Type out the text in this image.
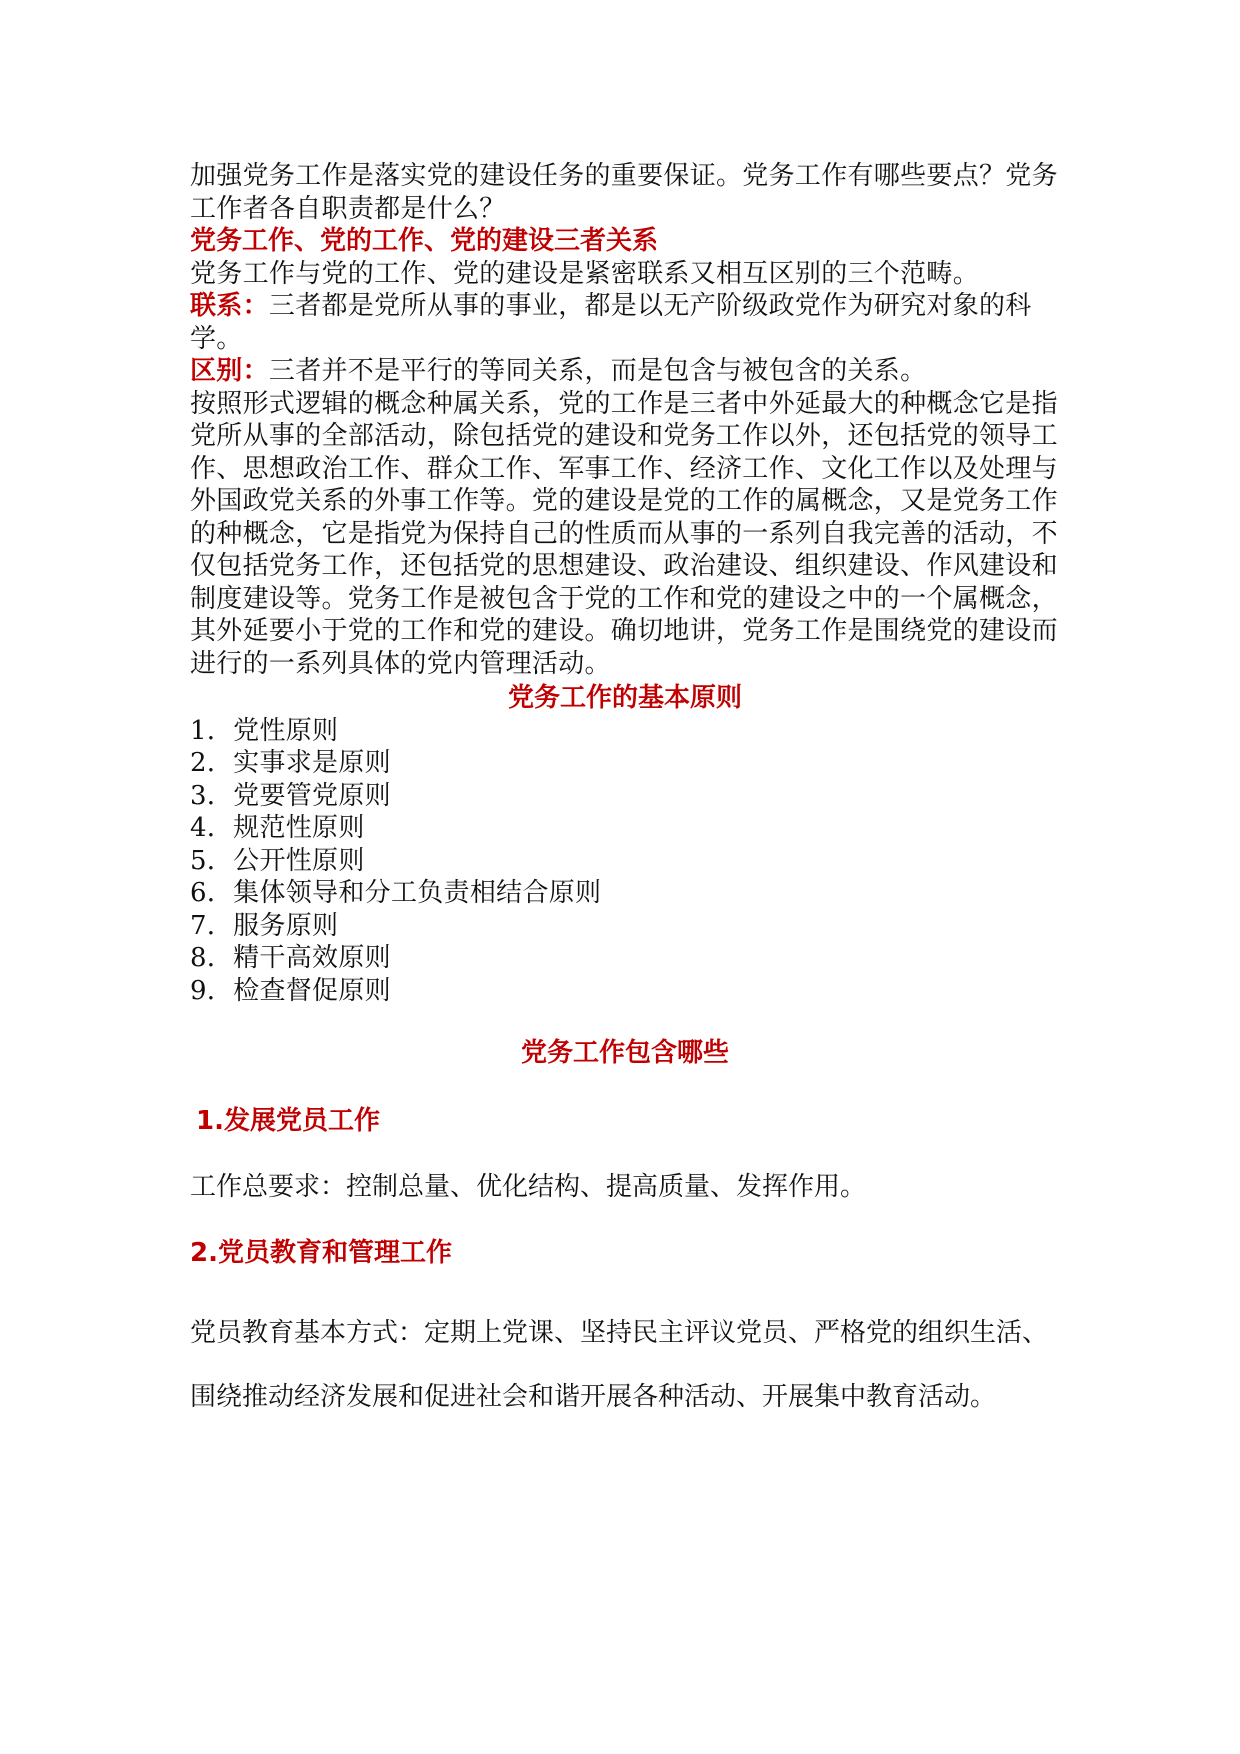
加强党务工作是落实党的建设任务的重要保证。党务工作有哪些要点？党务工作者各自职责都是什么？

党务工作、党的工作、党的建设三者关系

党务工作与党的工作、党的建设是紧密联系又相互区别的三个范畴。

联系：三者都是党所从事的事业，都是以无产阶级政党作为研究对象的科学。

区别：三者并不是平行的等同关系，而是包含与被包含的关系。

按照形式逻辑的概念种属关系，党的工作是三者中外延最大的种概念它是指党所从事的全部活动，除包括党的建设和党务工作以外，还包括党的领导工作、思想政治工作、群众工作、军事工作、经济工作、文化工作以及处理与外国政党关系的外事工作等。党的建设是党的工作的属概念，又是党务工作的种概念，它是指党为保持自己的性质而从事的一系列自我完善的活动，不仅包括党务工作，还包括党的思想建设、政治建设、组织建设、作风建设和制度建设等。党务工作是被包含于党的工作和党的建设之中的一个属概念，其外延要小于党的工作和党的建设。确切地讲，党务工作是围绕党的建设而进行的一系列具体的党内管理活动。

党务工作的基本原则

1．党性原则
2．实事求是原则
3．党要管党原则
4．规范性原则
5．公开性原则
6．集体领导和分工负责相结合原则
7．服务原则
8．精干高效原则
9．检查督促原则

党务工作包含哪些

1.发展党员工作

工作总要求：控制总量、优化结构、提高质量、发挥作用。

2.党员教育和管理工作

党员教育基本方式：定期上党课、坚持民主评议党员、严格党的组织生活、围绕推动经济发展和促进社会和谐开展各种活动、开展集中教育活动。
